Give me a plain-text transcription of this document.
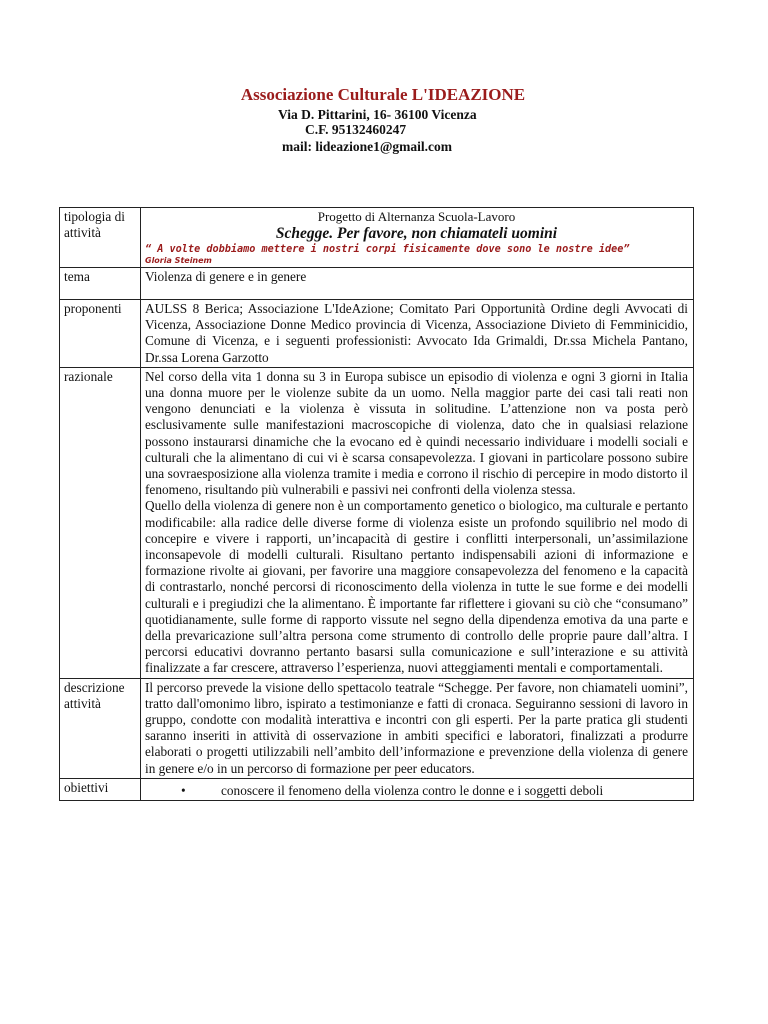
Associazione Culturale L'IDEAZIONE

Via D. Pittarini, 16- 36100 Vicenza

C.F. 95132460247

mail: lideazione1@gmail.com

tipologia di attività	Progetto di Alternanza Scuola-Lavoro
Schegge. Per favore, non chiamateli uomini
“ A volte dobbiamo mettere i nostri corpi fisicamente dove sono le nostre idee”
Gloria Steinem

tema	Violenza di genere e in genere

proponenti	AULSS 8 Berica; Associazione L'IdeAzione; Comitato Pari Opportunità Ordine degli Avvocati di Vicenza, Associazione Donne Medico provincia di Vicenza, Associazione Divieto di Femminicidio, Comune di Vicenza, e i seguenti professionisti: Avvocato Ida Grimaldi, Dr.ssa Michela Pantano, Dr.ssa Lorena Garzotto

razionale	Nel corso della vita 1 donna su 3 in Europa subisce un episodio di violenza e ogni 3 giorni in Italia una donna muore per le violenze subite da un uomo. Nella maggior parte dei casi tali reati non vengono denunciati e la violenza è vissuta in solitudine. L’attenzione non va posta però esclusivamente sulle manifestazioni macroscopiche di violenza, dato che in qualsiasi relazione possono instaurarsi dinamiche che la evocano ed è quindi necessario individuare i modelli sociali e culturali che la alimentano di cui vi è scarsa consapevolezza. I giovani in particolare possono subire una sovraesposizione alla violenza tramite i media e corrono il rischio di percepire in modo distorto il fenomeno, risultando più vulnerabili e passivi nei confronti della violenza stessa.

Quello della violenza di genere non è un comportamento genetico o biologico, ma culturale e pertanto modificabile: alla radice delle diverse forme di violenza esiste un profondo squilibrio nel modo di concepire e vivere i rapporti, un’incapacità di gestire i conflitti interpersonali, un’assimilazione inconsapevole di modelli culturali. Risultano pertanto indispensabili azioni di informazione e formazione rivolte ai giovani, per favorire una maggiore consapevolezza del fenomeno e la capacità di contrastarlo, nonché percorsi di riconoscimento della violenza in tutte le sue forme e dei modelli culturali e i pregiudizi che la alimentano. È importante far riflettere i giovani su ciò che “consumano” quotidianamente, sulle forme di rapporto vissute nel segno della dipendenza emotiva da una parte e della prevaricazione sull’altra persona come strumento di controllo delle proprie paure dall’altra. I percorsi educativi dovranno pertanto basarsi sulla comunicazione e sull’interazione e su attività finalizzate a far crescere, attraverso l’esperienza, nuovi atteggiamenti mentali e comportamentali.

descrizione attività	Il percorso prevede la visione dello spettacolo teatrale “Schegge. Per favore, non chiamateli uomini”, tratto dall'omonimo libro, ispirato a testimonianze e fatti di cronaca. Seguiranno sessioni di lavoro in gruppo, condotte con modalità interattiva e incontri con gli esperti. Per la parte pratica gli studenti saranno inseriti in attività di osservazione in ambiti specifici e laboratori, finalizzati a produrre elaborati o progetti utilizzabili nell’ambito dell’informazione e prevenzione della violenza di genere in genere e/o in un percorso di formazione per peer educators.

obiettivi	• conoscere il fenomeno della violenza contro le donne e i soggetti deboli
